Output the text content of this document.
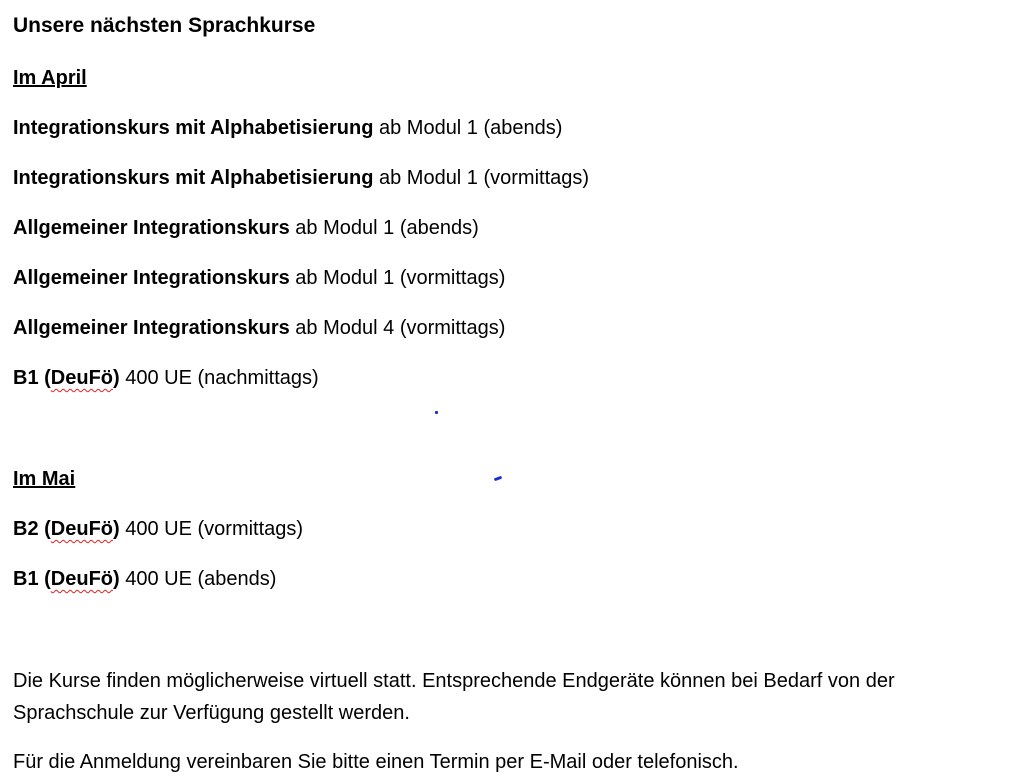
Unsere nächsten Sprachkurse
Im April
Integrationskurs mit Alphabetisierung ab Modul 1 (abends)
Integrationskurs mit Alphabetisierung ab Modul 1 (vormittags)
Allgemeiner Integrationskurs ab Modul 1 (abends)
Allgemeiner Integrationskurs ab Modul 1 (vormittags)
Allgemeiner Integrationskurs ab Modul 4 (vormittags)
B1 (DeuFö) 400 UE (nachmittags)
Im Mai
B2 (DeuFö) 400 UE (vormittags)
B1 (DeuFö) 400 UE (abends)
Die Kurse finden möglicherweise virtuell statt. Entsprechende Endgeräte können bei Bedarf von der Sprachschule zur Verfügung gestellt werden.
Für die Anmeldung vereinbaren Sie bitte einen Termin per E-Mail oder telefonisch.
